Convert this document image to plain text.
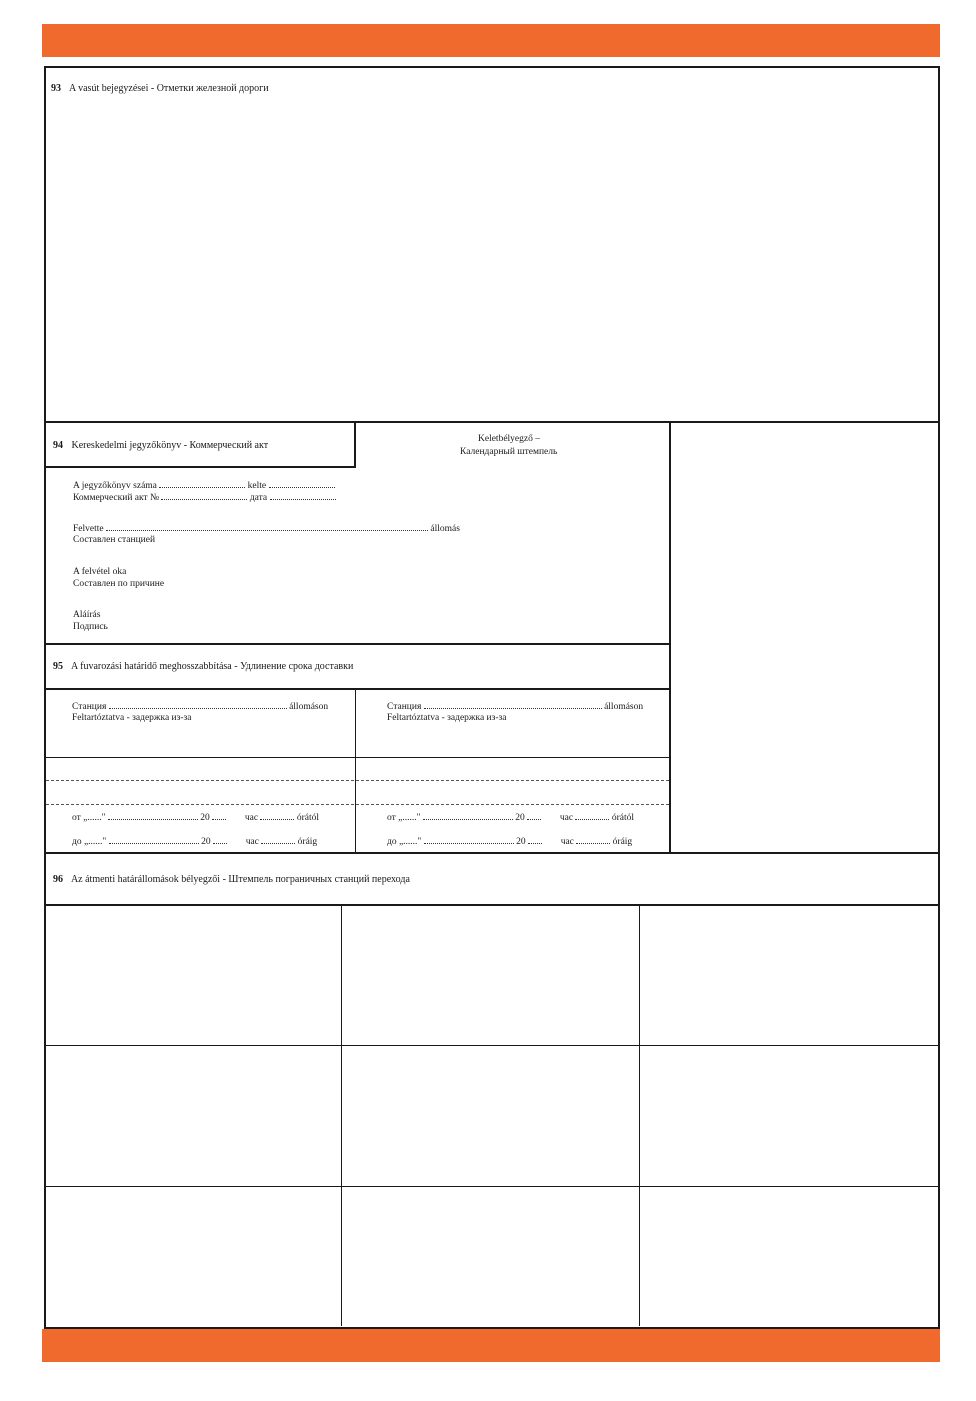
93 A vasút bejegyzései - Отметки железной дороги
94 Kereskedelmi jegyzőkönyv - Коммерческий акт
Keletbélyegző –
Календарный штемпель
A jegyzőkönyv száma	kelte
Коммерческий акт №	дата
Felvette	állomás
Составлен станцией
A felvétel oka
Составлен по причине
Aláírás
Подпись
95 A fuvarozási határidő meghosszabbítása - Удлинение срока доставки
Станция	állomáson
Feltartóztatva - задержка из-за
от „......"	20	час	órától
до „......"	20	час	óráig
Станция	állomáson
Feltartóztatva - задержка из-за
от „......"	20	час	órától
до „......"	20	час	óráig
96 Az átmenti határállomások bélyegzői - Штемпель пограничных станций перехода
